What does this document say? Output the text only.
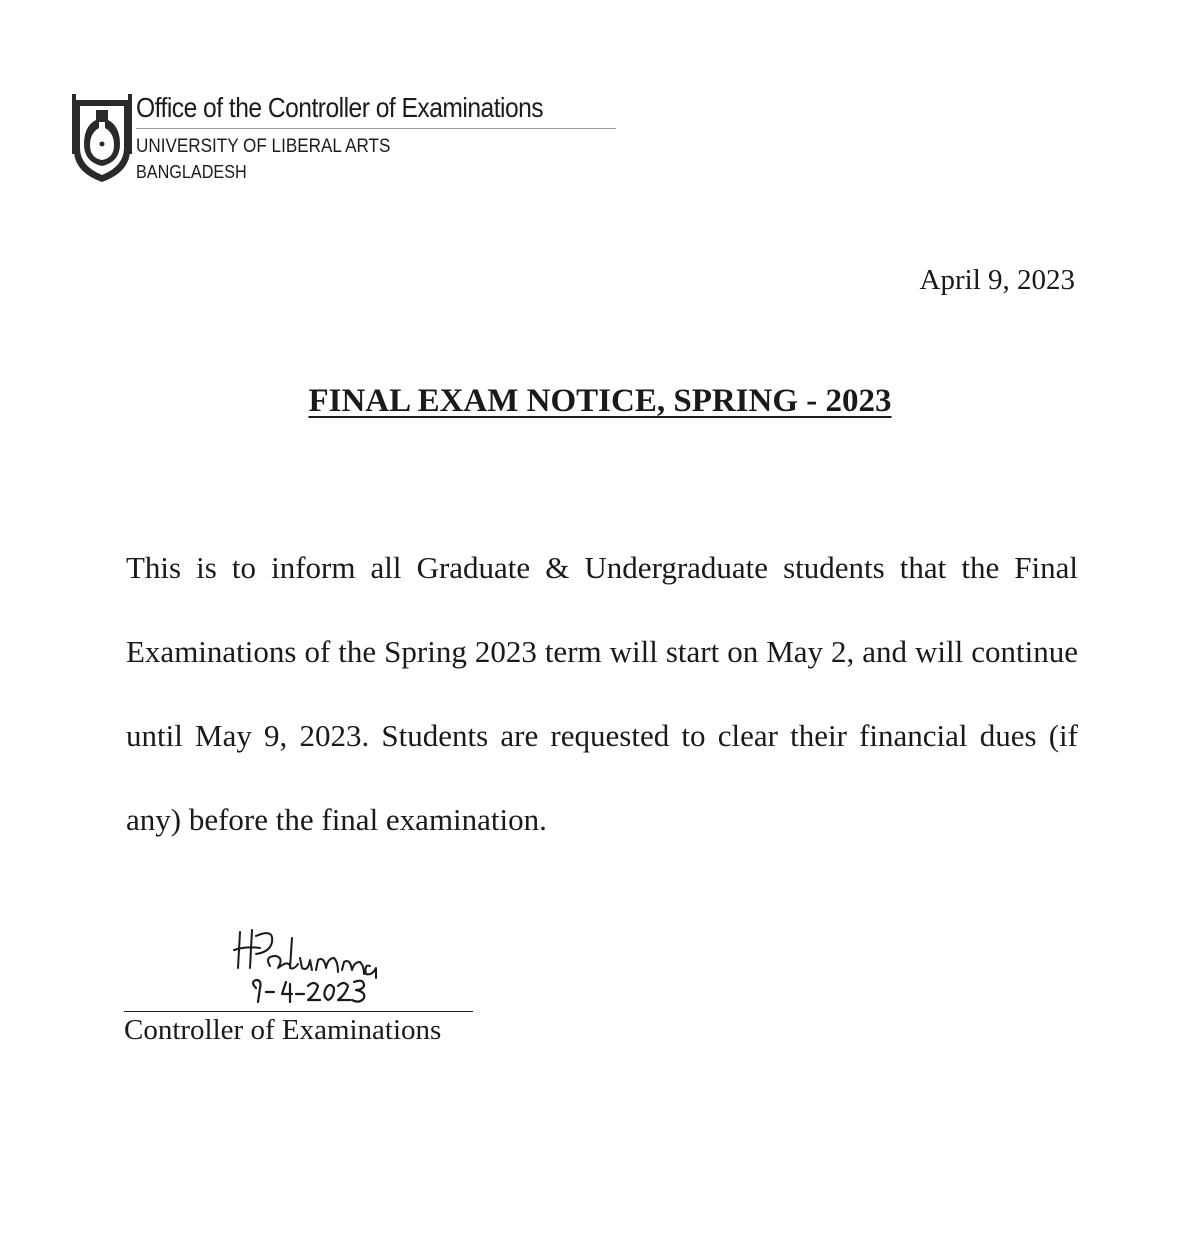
Office of the Controller of Examinations
UNIVERSITY OF LIBERAL ARTS
BANGLADESH
April 9, 2023
FINAL EXAM NOTICE, SPRING - 2023

This is to inform all Graduate & Undergraduate students that the Final Examinations of the Spring 2023 term will start on May 2, and will continue until May 9, 2023. Students are requested to clear their financial dues (if any) before the final examination.

Controller of Examinations
